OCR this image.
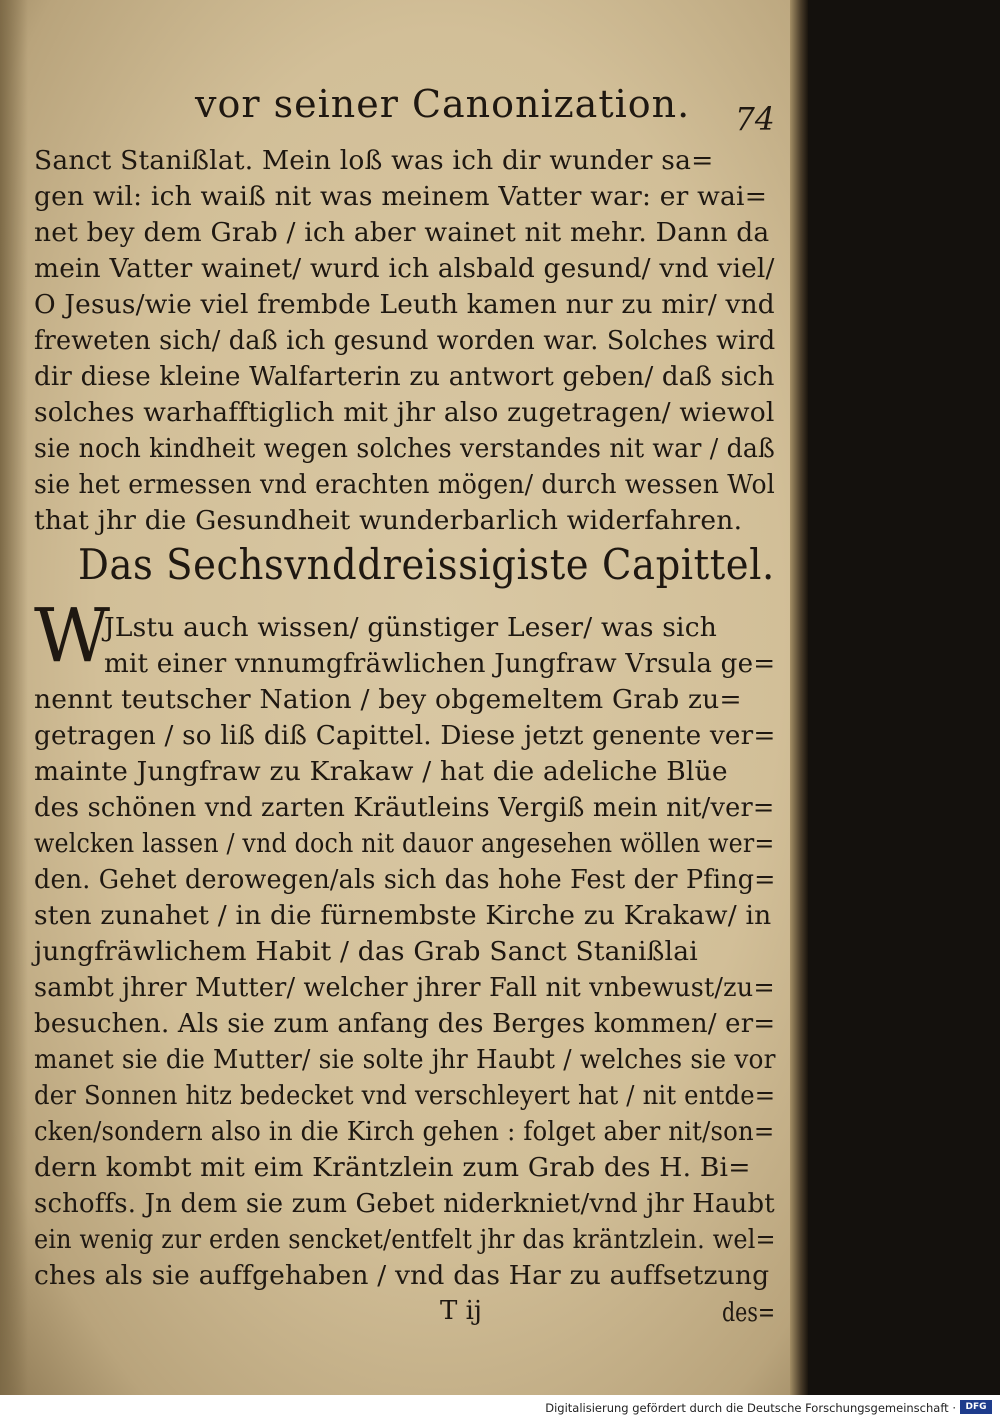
vor seiner Canonization. 74
Sanct Stanißlat. Mein loß was ich dir wunder sa=
gen wil: ich waiß nit was meinem Vatter war: er wai=
net bey dem Grab / ich aber wainet nit mehr. Dann da
mein Vatter wainet/ wurd ich alsbald gesund/ vnd viel/
O Jesus/wie viel frembde Leuth kamen nur zu mir/ vnd
freweten sich/ daß ich gesund worden war. Solches wird
dir diese kleine Walfarterin zu antwort geben/ daß sich
solches warhafftiglich mit jhr also zugetragen/ wiewol
sie noch kindheit wegen solches verstandes nit war / daß
sie het ermessen vnd erachten mögen/ durch wessen Wol
that jhr die Gesundheit wunderbarlich widerfahren.
Das Sechsvnddreissigiste Capittel.
W
JLstu auch wissen/ günstiger Leser/ was sich
mit einer vnnumgfräwlichen Jungfraw Vrsula ge=
nennt teutscher Nation / bey obgemeltem Grab zu=
getragen / so liß diß Capittel. Diese jetzt genente ver=
mainte Jungfraw zu Krakaw / hat die adeliche Blüe
des schönen vnd zarten Kräutleins Vergiß mein nit/ver=
welcken lassen / vnd doch nit dauor angesehen wöllen wer=
den. Gehet derowegen/als sich das hohe Fest der Pfing=
sten zunahet / in die fürnembste Kirche zu Krakaw/ in
jungfräwlichem Habit / das Grab Sanct Stanißlai
sambt jhrer Mutter/ welcher jhrer Fall nit vnbewust/zu=
besuchen. Als sie zum anfang des Berges kommen/ er=
manet sie die Mutter/ sie solte jhr Haubt / welches sie vor
der Sonnen hitz bedecket vnd verschleyert hat / nit entde=
cken/sondern also in die Kirch gehen : folget aber nit/son=
dern kombt mit eim Kräntzlein zum Grab des H. Bi=
schoffs. Jn dem sie zum Gebet niderkniet/vnd jhr Haubt
ein wenig zur erden sencket/entfelt jhr das kräntzlein. wel=
ches als sie auffgehaben / vnd das Har zu auffsetzung
T ij	des=
Digitalisierung gefördert durch die Deutsche Forschungsgemeinschaft ·	DFG
